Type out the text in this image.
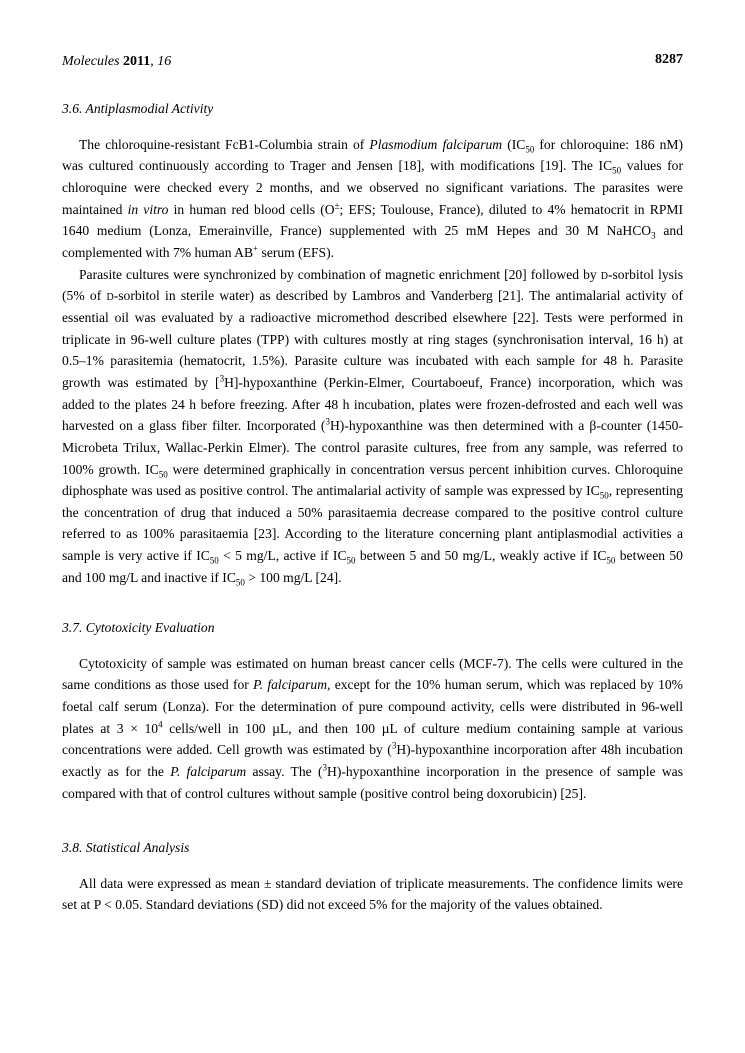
Molecules 2011, 16	8287
3.6. Antiplasmodial Activity

The chloroquine-resistant FcB1-Columbia strain of Plasmodium falciparum ($IC_{50}$ for chloroquine: 186 nM) was cultured continuously according to Trager and Jensen [18], with modifications [19]. The $IC_{50}$ values for chloroquine were checked every 2 months, and we observed no significant variations. The parasites were maintained in vitro in human red blood cells (O±; EFS; Toulouse, France), diluted to 4% hematocrit in RPMI 1640 medium (Lonza, Emerainville, France) supplemented with 25 mM Hepes and 30 M NaHCO$_3$ and complemented with 7% human AB+ serum (EFS).

Parasite cultures were synchronized by combination of magnetic enrichment [20] followed by d-sorbitol lysis (5% of d-sorbitol in sterile water) as described by Lambros and Vanderberg [21]. The antimalarial activity of essential oil was evaluated by a radioactive micromethod described elsewhere [22]. Tests were performed in triplicate in 96-well culture plates (TPP) with cultures mostly at ring stages (synchronisation interval, 16 h) at 0.5–1% parasitemia (hematocrit, 1.5%). Parasite culture was incubated with each sample for 48 h. Parasite growth was estimated by [$^3$H]-hypoxanthine (Perkin-Elmer, Courtaboeuf, France) incorporation, which was added to the plates 24 h before freezing. After 48 h incubation, plates were frozen-defrosted and each well was harvested on a glass fiber filter. Incorporated ($^3$H)-hypoxanthine was then determined with a β-counter (1450-Microbeta Trilux, Wallac-Perkin Elmer). The control parasite cultures, free from any sample, was referred to 100% growth. $IC_{50}$ were determined graphically in concentration versus percent inhibition curves. Chloroquine diphosphate was used as positive control. The antimalarial activity of sample was expressed by $IC_{50}$, representing the concentration of drug that induced a 50% parasitaemia decrease compared to the positive control culture referred to as 100% parasitaemia [23]. According to the literature concerning plant antiplasmodial activities a sample is very active if $IC_{50} < 5$ mg/L, active if $IC_{50}$ between 5 and 50 mg/L, weakly active if $IC_{50}$ between 50 and 100 mg/L and inactive if $IC_{50} > 100$ mg/L [24].

3.7. Cytotoxicity Evaluation

Cytotoxicity of sample was estimated on human breast cancer cells (MCF-7). The cells were cultured in the same conditions as those used for P. falciparum, except for the 10% human serum, which was replaced by 10% foetal calf serum (Lonza). For the determination of pure compound activity, cells were distributed in 96-well plates at $3 \times 10^4$ cells/well in 100 µL, and then 100 µL of culture medium containing sample at various concentrations were added. Cell growth was estimated by ($^3$H)-hypoxanthine incorporation after 48h incubation exactly as for the P. falciparum assay. The ($^3$H)-hypoxanthine incorporation in the presence of sample was compared with that of control cultures without sample (positive control being doxorubicin) [25].

3.8. Statistical Analysis

All data were expressed as mean ± standard deviation of triplicate measurements. The confidence limits were set at P < 0.05. Standard deviations (SD) did not exceed 5% for the majority of the values obtained.
